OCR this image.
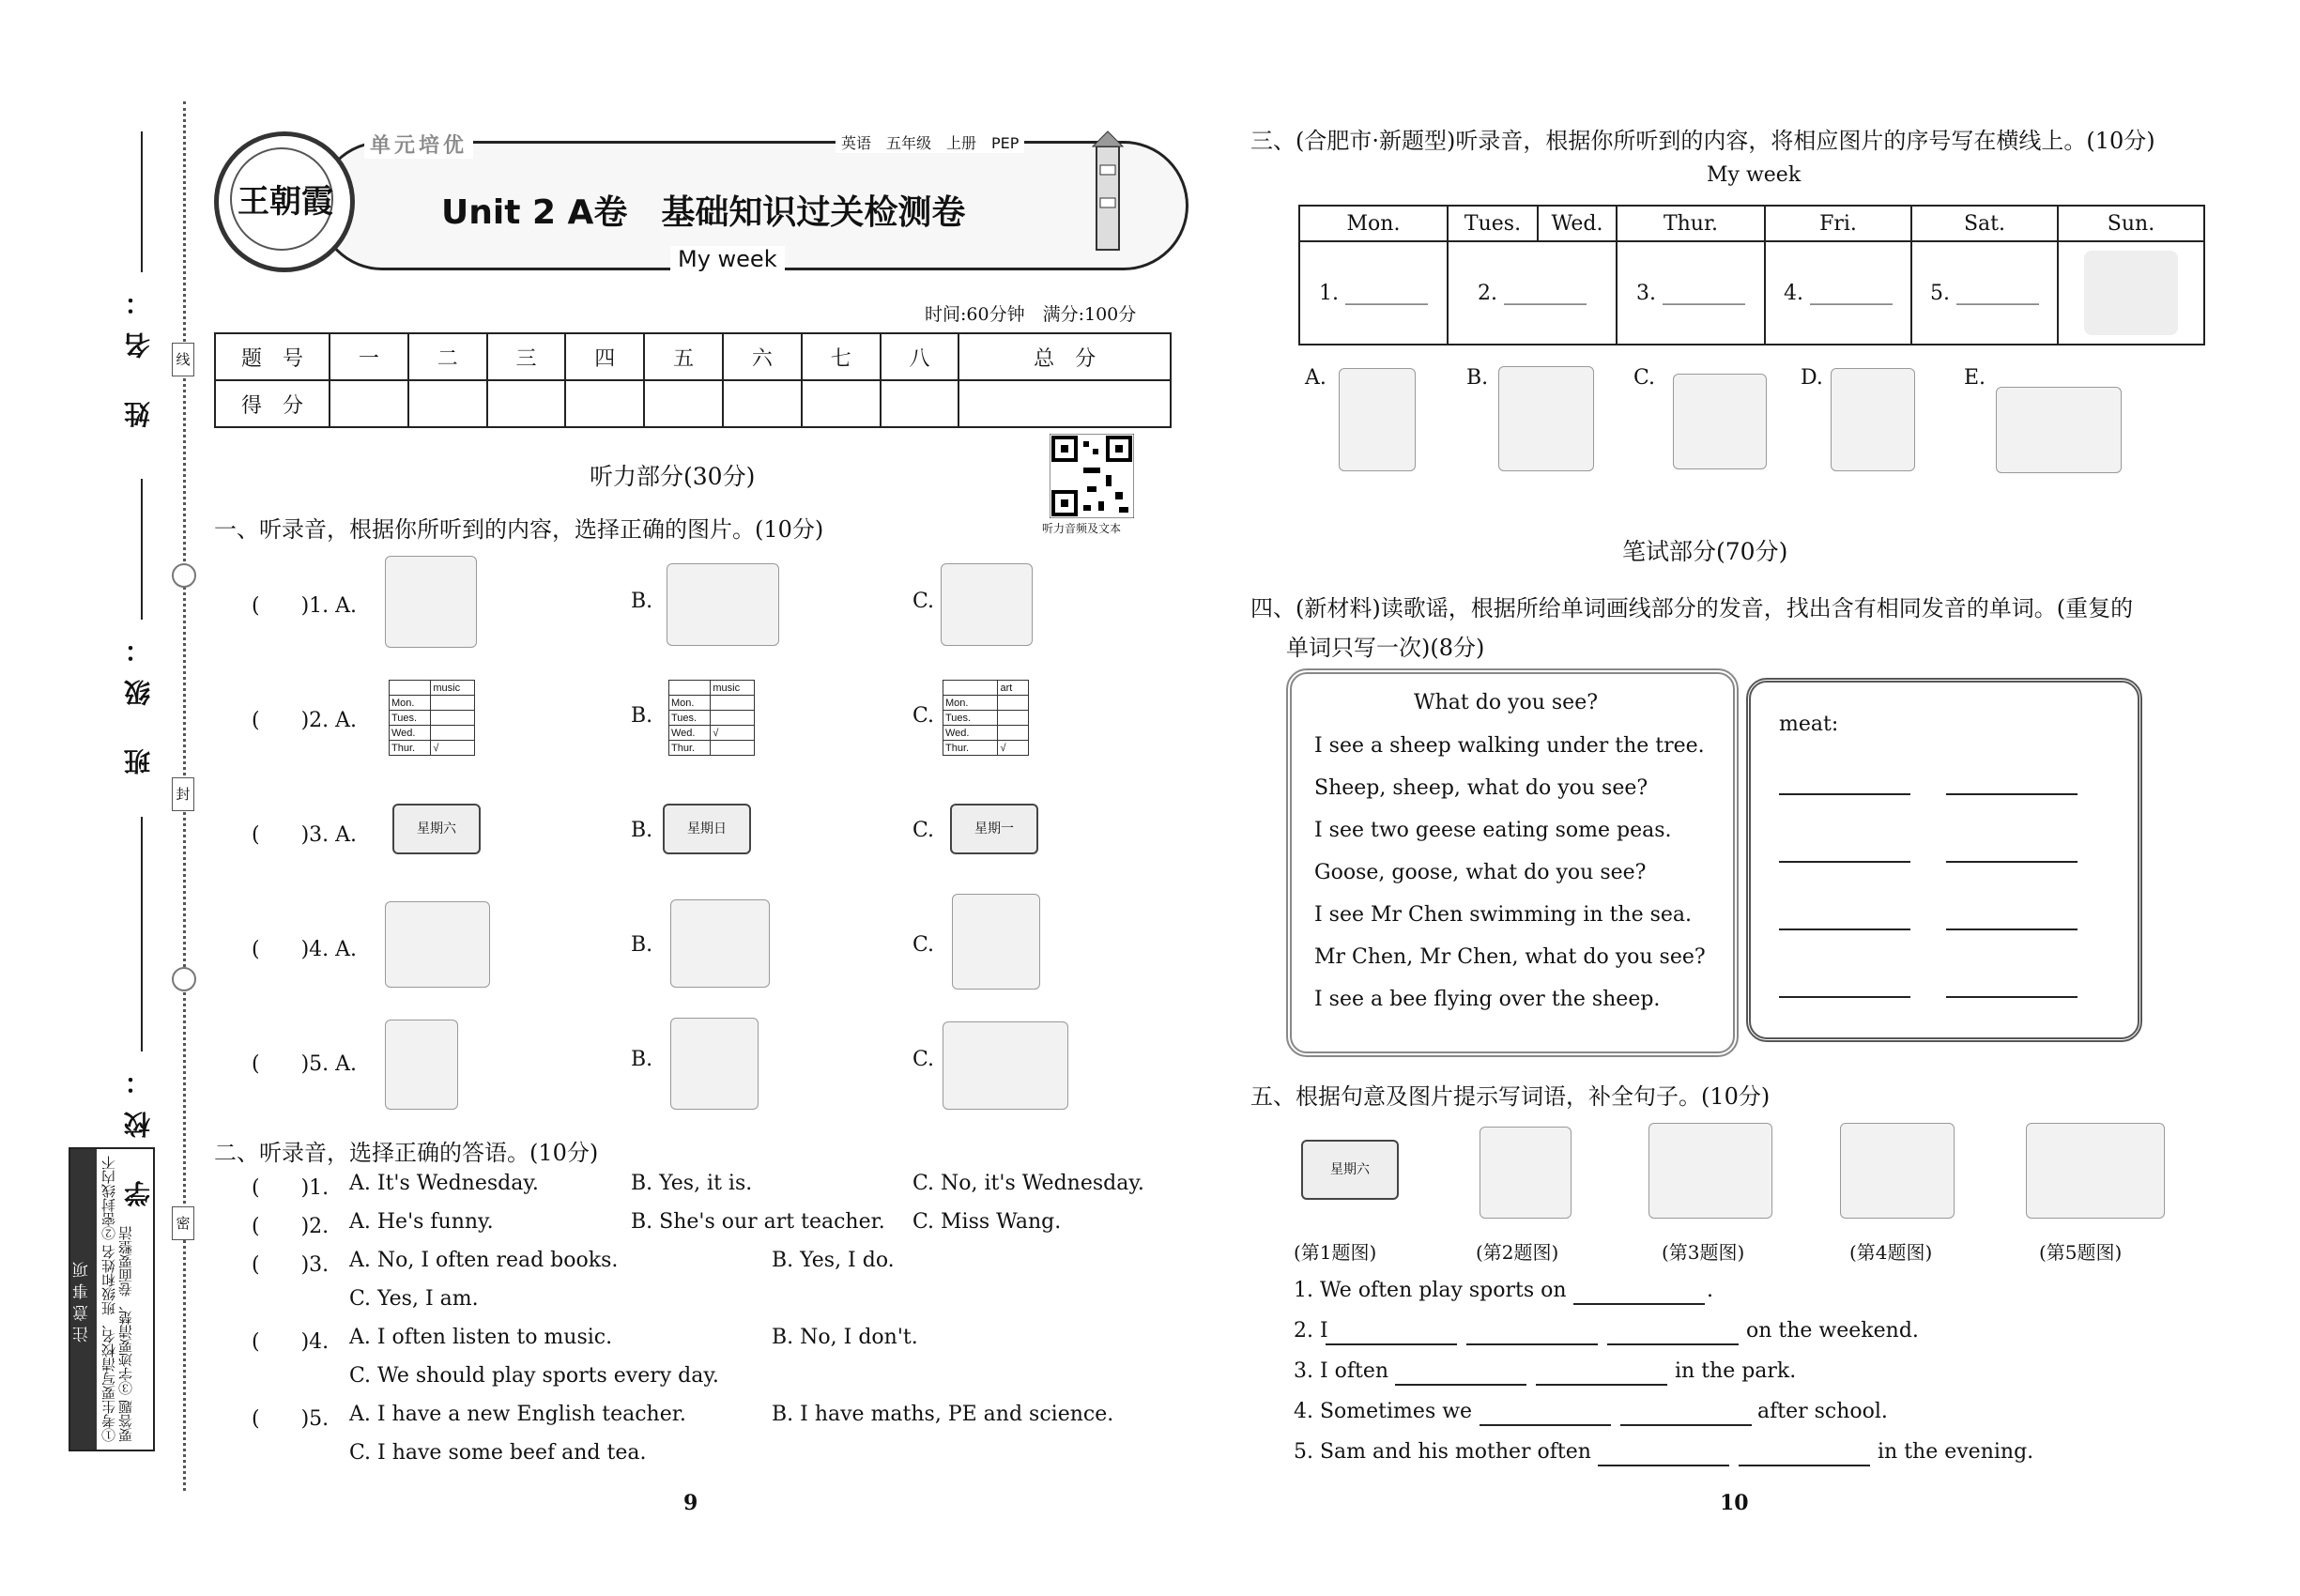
姓 名：
班 级：
学 校：
线
封
密
注意事项 ①考生要写清校名、班级和姓名 ②密封线内不要答题 ③字迹要清楚、卷面要整洁
王朝霞
单元培优	英语　五年级　上册　PEP
Unit 2 A卷　基础知识过关检测卷
My week
时间:60分钟　满分:100分
题　号	一	二	三	四	五	六	七	八	总　分
得　分									
听力音频及文本
听力部分(30分)
一、听录音，根据你所听到的内容，选择正确的图片。(10分)
(　　)1. A.	B.	C.
(　　)2. A.
	music
Mon.	
Tues.	
Wed.	
Thur.	√
B.
	music
Mon.	
Tues.	
Wed.	√
Thur.	
C.
	art
Mon.	
Tues.	
Wed.	
Thur.	√
(　　)3. A.	星期六	B.	星期日	C.	星期一
(　　)4. A.	B.	C.
(　　)5. A.	B.	C.
二、听录音，选择正确的答语。(10分)
(　　)1. A. It's Wednesday.	B. Yes, it is.	C. No, it's Wednesday.
(　　)2. A. He's funny.	B. She's our art teacher. C. Miss Wang.
(　　)3. A. No, I often read books.	B. Yes, I do.
C. Yes, I am.
(　　)4. A. I often listen to music.	B. No, I don't.
C. We should play sports every day.
(　　)5. A. I have a new English teacher.	B. I have maths, PE and science.
C. I have some beef and tea.
9
三、(合肥市·新题型)听录音，根据你所听到的内容，将相应图片的序号写在横线上。(10分)
My week
Mon.	Tues.	Wed.	Thur.	Fri.	Sat.	Sun.
1. ________	2. ________		3. ________	4. ________	5. ________	
A.	B.	C.	D.	E.
笔试部分(70分)
四、(新材料)读歌谣，根据所给单词画线部分的发音，找出含有相同发音的单词。(重复的
单词只写一次)(8分)
What do you see?
I see a sheep walking under the tree.
Sheep, sheep, what do you see?
I see two geese eating some peas.
Goose, goose, what do you see?
I see Mr Chen swimming in the sea.
Mr Chen, Mr Chen, what do you see?
I see a bee flying over the sheep.
meat:
五、根据句意及图片提示写词语，补全句子。(10分)
星期六
(第1题图)	(第2题图)	(第3题图)	(第4题图)	(第5题图)
1. We often play sports on	.
2. I	on the weekend.
3. I often	in the park.
4. Sometimes we	after school.
5. Sam and his mother often	in the evening.
10
